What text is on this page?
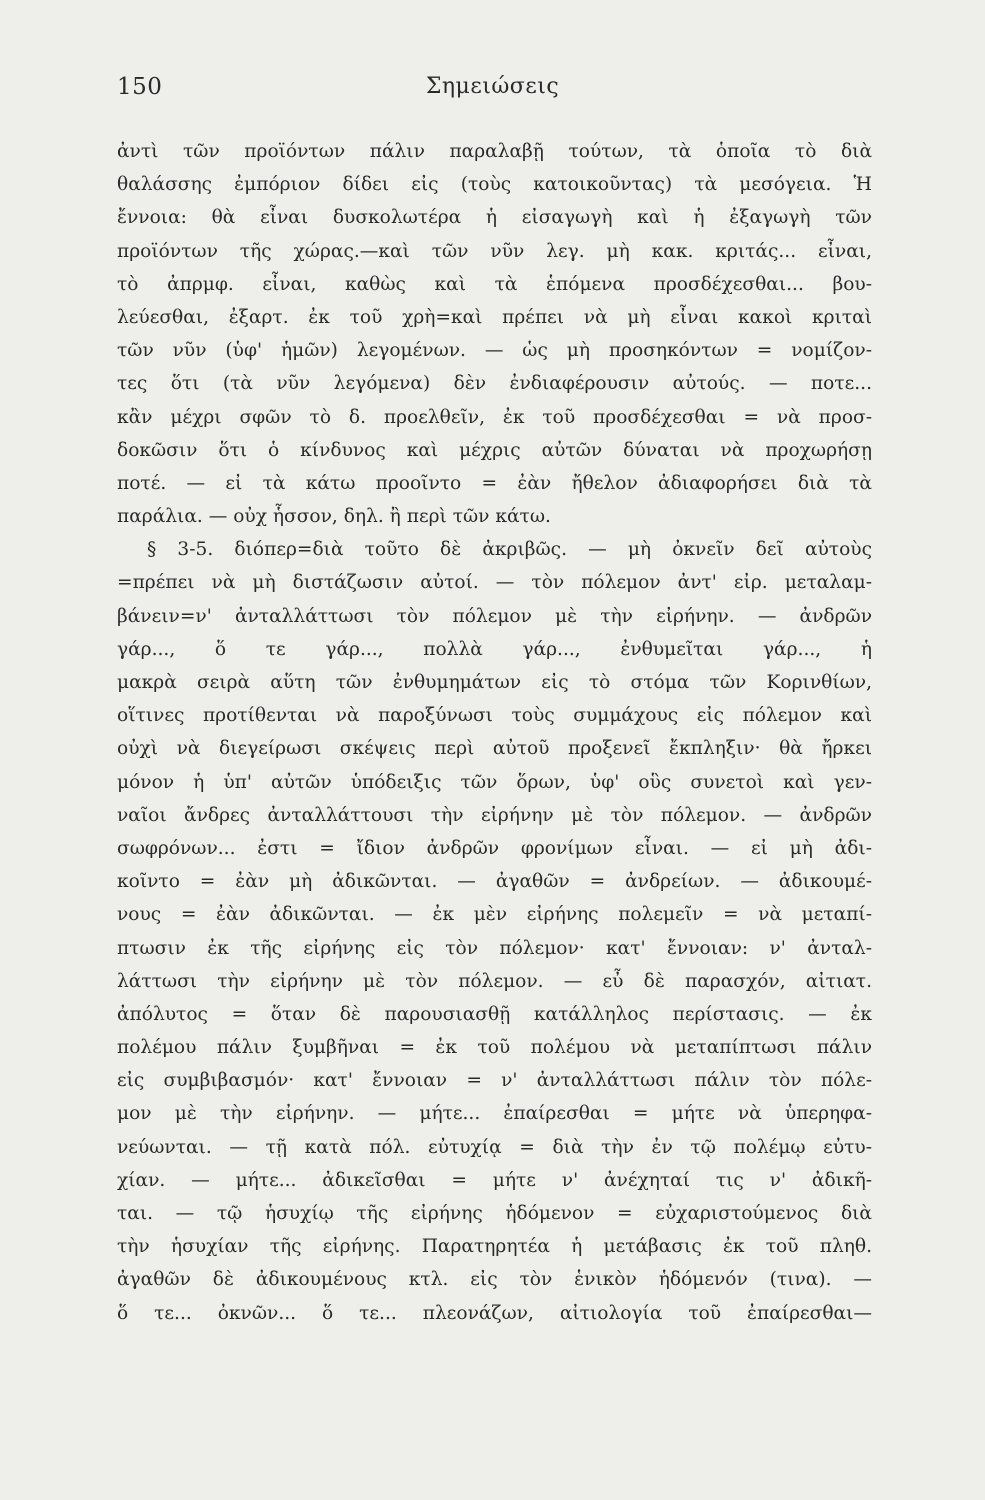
150	Σημειώσεις
ἀντὶ τῶν προϊόντων πάλιν παραλαβῇ τούτων, τὰ ὁποῖα τὸ διὰ
θαλάσσης ἐμπόριον δίδει εἰς (τοὺς κατοικοῦντας) τὰ μεσόγεια. Ἡ
ἔννοια: θὰ εἶναι δυσκολωτέρα ἡ εἰσαγωγὴ καὶ ἡ ἐξαγωγὴ τῶν
προϊόντων τῆς χώρας.—καὶ τῶν νῦν λεγ. μὴ κακ. κριτάς... εἶναι,
τὸ ἀπρμφ. εἶναι, καθὼς καὶ τὰ ἑπόμενα προσδέχεσθαι... βου-
λεύεσθαι, ἐξαρτ. ἐκ τοῦ χρὴ=καὶ πρέπει νὰ μὴ εἶναι κακοὶ κριταὶ
τῶν νῦν (ὑφ' ἡμῶν) λεγομένων. — ὡς μὴ προσηκόντων = νομίζον-
τες ὅτι (τὰ νῦν λεγόμενα) δὲν ἐνδιαφέρουσιν αὐτούς. — ποτε...
κἂν μέχρι σφῶν τὸ δ. προελθεῖν, ἐκ τοῦ προσδέχεσθαι = νὰ προσ-
δοκῶσιν ὅτι ὁ κίνδυνος καὶ μέχρις αὐτῶν δύναται νὰ προχωρήσῃ
ποτέ. — εἰ τὰ κάτω προοῖντο = ἐὰν ἤθελον ἀδιαφορήσει διὰ τὰ
παράλια. — οὐχ ἧσσον, δηλ. ἢ περὶ τῶν κάτω.
§ 3-5. διόπερ=διὰ τοῦτο δὲ ἀκριβῶς. — μὴ ὀκνεῖν δεῖ αὐτοὺς
=πρέπει νὰ μὴ διστάζωσιν αὐτοί. — τὸν πόλεμον ἀντ' εἰρ. μεταλαμ-
βάνειν=ν' ἀνταλλάττωσι τὸν πόλεμον μὲ τὴν εἰρήνην. — ἀνδρῶν
γάρ..., ὅ τε γάρ..., πολλὰ γάρ..., ἐνθυμεῖται γάρ..., ἡ
μακρὰ σειρὰ αὕτη τῶν ἐνθυμημάτων εἰς τὸ στόμα τῶν Κορινθίων,
οἵτινες προτίθενται νὰ παροξύνωσι τοὺς συμμάχους εἰς πόλεμον καὶ
οὐχὶ νὰ διεγείρωσι σκέψεις περὶ αὐτοῦ προξενεῖ ἔκπληξιν· θὰ ἤρκει
μόνον ἡ ὑπ' αὐτῶν ὑπόδειξις τῶν ὅρων, ὑφ' οὓς συνετοὶ καὶ γεν-
ναῖοι ἄνδρες ἀνταλλάττουσι τὴν εἰρήνην μὲ τὸν πόλεμον. — ἀνδρῶν
σωφρόνων... ἐστι = ἴδιον ἀνδρῶν φρονίμων εἶναι. — εἰ μὴ ἀδι-
κοῖντο = ἐὰν μὴ ἀδικῶνται. — ἀγαθῶν = ἀνδρείων. — ἀδικουμέ-
νους = ἐὰν ἀδικῶνται. — ἐκ μὲν εἰρήνης πολεμεῖν = νὰ μεταπί-
πτωσιν ἐκ τῆς εἰρήνης εἰς τὸν πόλεμον· κατ' ἔννοιαν: ν' ἀνταλ-
λάττωσι τὴν εἰρήνην μὲ τὸν πόλεμον. — εὖ δὲ παρασχόν, αἰτιατ.
ἀπόλυτος = ὅταν δὲ παρουσιασθῇ κατάλληλος περίστασις. — ἐκ
πολέμου πάλιν ξυμβῆναι = ἐκ τοῦ πολέμου νὰ μεταπίπτωσι πάλιν
εἰς συμβιβασμόν· κατ' ἔννοιαν = ν' ἀνταλλάττωσι πάλιν τὸν πόλε-
μον μὲ τὴν εἰρήνην. — μήτε... ἐπαίρεσθαι = μήτε νὰ ὑπερηφα-
νεύωνται. — τῇ κατὰ πόλ. εὐτυχίᾳ = διὰ τὴν ἐν τῷ πολέμῳ εὐτυ-
χίαν. — μήτε... ἀδικεῖσθαι = μήτε ν' ἀνέχηταί τις ν' ἀδικῆ-
ται. — τῷ ἡσυχίῳ τῆς εἰρήνης ἡδόμενον = εὐχαριστούμενος διὰ
τὴν ἡσυχίαν τῆς εἰρήνης. Παρατηρητέα ἡ μετάβασις ἐκ τοῦ πληθ.
ἀγαθῶν δὲ ἀδικουμένους κτλ. εἰς τὸν ἑνικὸν ἡδόμενόν (τινα). —
ὅ τε... ὀκνῶν... ὅ τε... πλεονάζων, αἰτιολογία τοῦ ἐπαίρεσθαι—
